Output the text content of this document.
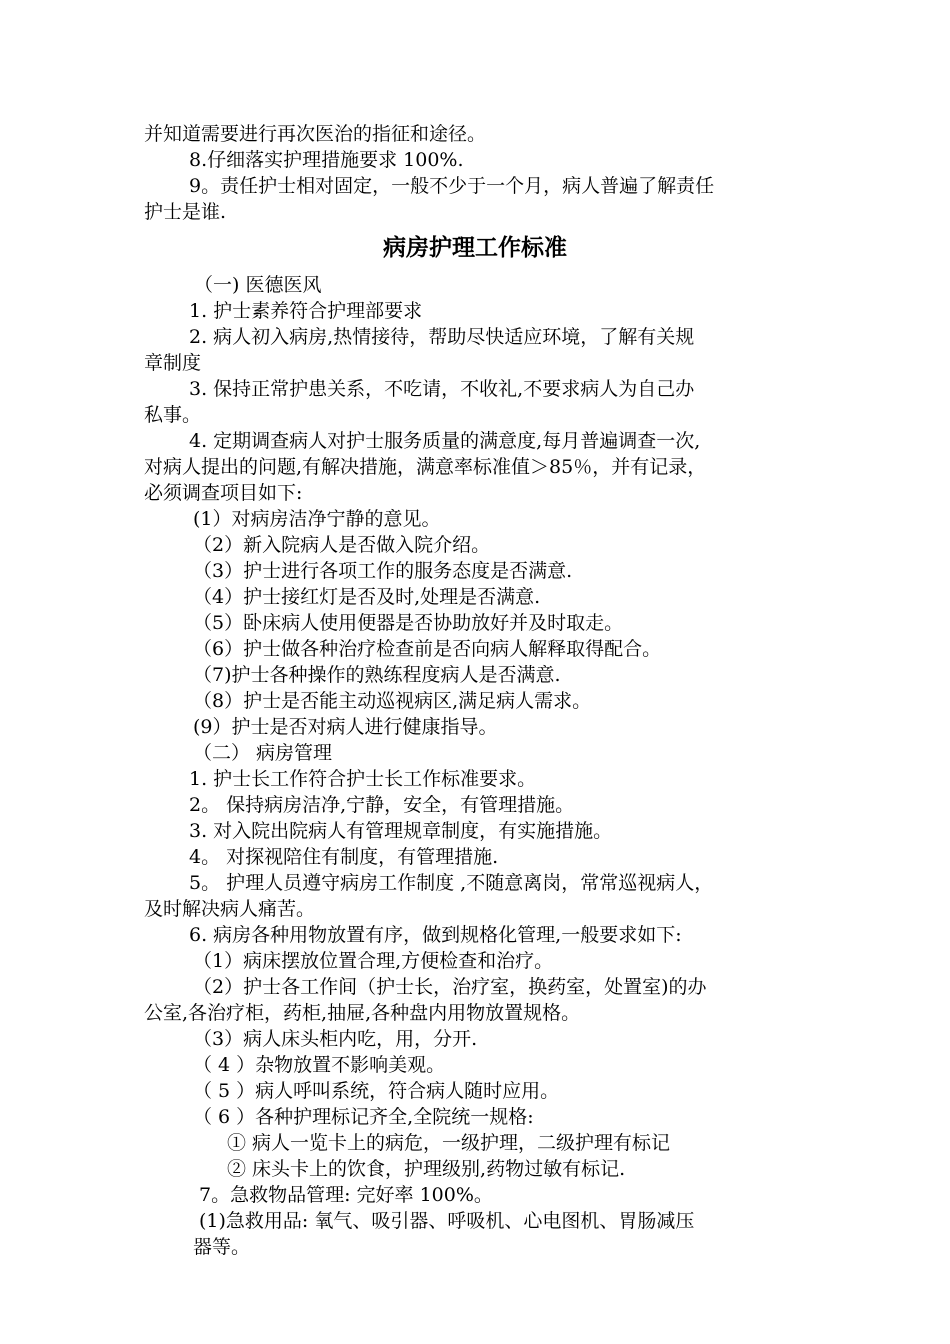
并知道需要进行再次医治的指征和途径。
8.仔细落实护理措施要求 100%.
9。责任护士相对固定，一般不少于一个月，病人普遍了解责任
护士是谁.
病房护理工作标准
（一) 医德医风
1. 护士素养符合护理部要求
2. 病人初入病房,热情接待，帮助尽快适应环境，了解有关规
章制度
3. 保持正常护患关系，不吃请，不收礼,不要求病人为自己办
私事。
4. 定期调查病人对护士服务质量的满意度,每月普遍调查一次,
对病人提出的问题,有解决措施，满意率标准值＞85％，并有记录，
必须调查项目如下:
(1）对病房洁净宁静的意见。
（2）新入院病人是否做入院介绍。
（3）护士进行各项工作的服务态度是否满意.
（4）护士接红灯是否及时,处理是否满意.
（5）卧床病人使用便器是否协助放好并及时取走。
（6）护士做各种治疗检查前是否向病人解释取得配合。
（7)护士各种操作的熟练程度病人是否满意.
（8）护士是否能主动巡视病区,满足病人需求。
(9）护士是否对病人进行健康指导。
（二） 病房管理
1. 护士长工作符合护士长工作标准要求。
2。 保持病房洁净,宁静，安全，有管理措施。
3. 对入院出院病人有管理规章制度，有实施措施。
4。 对探视陪住有制度，有管理措施.
5。 护理人员遵守病房工作制度 ,不随意离岗，常常巡视病人，
及时解决病人痛苦。
6. 病房各种用物放置有序，做到规格化管理,一般要求如下:
（1）病床摆放位置合理,方便检查和治疗。
（2）护士各工作间（护士长，治疗室，换药室，处置室)的办
公室,各治疗柜，药柜,抽屉,各种盘内用物放置规格。
（3）病人床头柜内吃，用，分开.
（ 4 ）杂物放置不影响美观。
（ 5 ）病人呼叫系统，符合病人随时应用。
（ 6 ）各种护理标记齐全,全院统一规格:
① 病人一览卡上的病危，一级护理，二级护理有标记
② 床头卡上的饮食，护理级别,药物过敏有标记.
7。急救物品管理: 完好率 100%。
(1)急救用品: 氧气、吸引器、呼吸机、心电图机、胃肠减压
器等。
